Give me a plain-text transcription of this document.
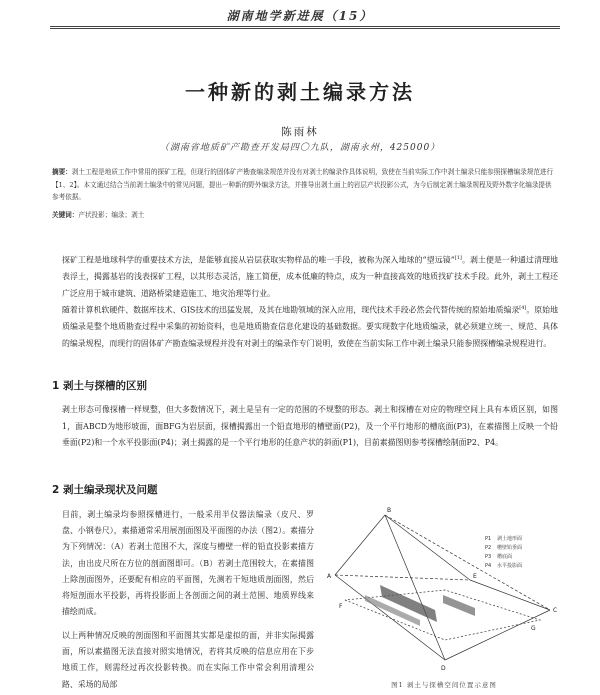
湖南地学新进展（15）
一种新的剥土编录方法
陈雨林
（湖南省地质矿产勘查开发局四〇九队，湖南永州，425000）
摘要：剥土工程是地质工作中常用的探矿工程，但现行的固体矿产勘查编录规范并没有对剥土的编录作具体说明，致使在当前实际工作中剥土编录只能参照探槽编录规范进行【1、2】。本文通过结合当前剥土编录中的常见问题，提出一种新的野外编录方法，并推导出剥土面上的岩层产状投影公式，为今后制定剥土编录规程及野外数字化编录提供参考依据。
关键词：产状投影；编录；剥土
探矿工程是地球科学的重要技术方法，是能够直接从岩层获取实物样品的唯一手段，被称为深入地球的“望远镜”[1]。剥土便是一种通过清理地表浮土，揭露基岩的浅表探矿工程，以其形态灵活，施工简便，成本低廉的特点，成为一种直接高效的地质找矿技术手段。此外，剥土工程还广泛应用于城市建筑、道路桥梁建造施工、地灾治理等行业。
随着计算机软硬件、数据库技术、GIS技术的迅猛发展，及其在地勘领域的深入应用，现代技术手段必然会代替传统的原始地质编录[4]。原始地质编录是整个地质勘查过程中采集的初始资料，也是地质勘查信息化建设的基础数据。要实现数字化地质编录，就必须建立统一、规范、具体的编录规程，而现行的固体矿产勘查编录规程并没有对剥土的编录作专门说明，致使在当前实际工作中剥土编录只能参照探槽编录规程进行。
1 剥土与探槽的区别
剥土形态可像探槽一样规整，但大多数情况下，剥土是呈有一定的范围的不规整的形态。剥土和探槽在对应的物理空间上具有本质区别，如图1，面ABCD为地形坡面，面BFG为岩层面，探槽揭露出一个铅直地形的槽壁面(P2)，及一个平行地形的槽底面(P3)，在素描图上反映一个铅垂面(P2)和一个水平投影面(P4)；剥土揭露的是一个平行地形的任意产状的斜面(P1)，目前素描图则参考探槽绘制面P2、P4。
2 剥土编录现状及问题
目前，剥土编录均参照探槽进行，一般采用半仪器法编录（皮尺、罗盘、小钢卷尺），素描通常采用展剖面图及平面图的办法（图2）。素描分为下列情况：（A）若剥土范围不大，深度与槽壁一样的铅直投影素描方法，由出皮尺所在方位的剖面图即可。（B）若剥土范围较大，在素描图上除剖面图外，还要配有相应的平面图，先测若干短地质剖面图，然后将短剖面水平投影，再将投影面上各剖面之间的剥土范围、地质界线来描绘而成。
以上两种情况反映的剖面图和平面图其实都是虚拟的面，并非实际揭露面，所以素描图无法直接对照实地情况，若将其反映的信息应用在下步地质工作，则需经过再次投影转换。而在实际工作中常会利用清理公路、采场的局部
A
B
C
D
E
F
G
P1 剥土地形面
P2 槽壁铅垂面
P3 槽底面
P4 水平投影面
图1 剥土与探槽空间位置示意图
